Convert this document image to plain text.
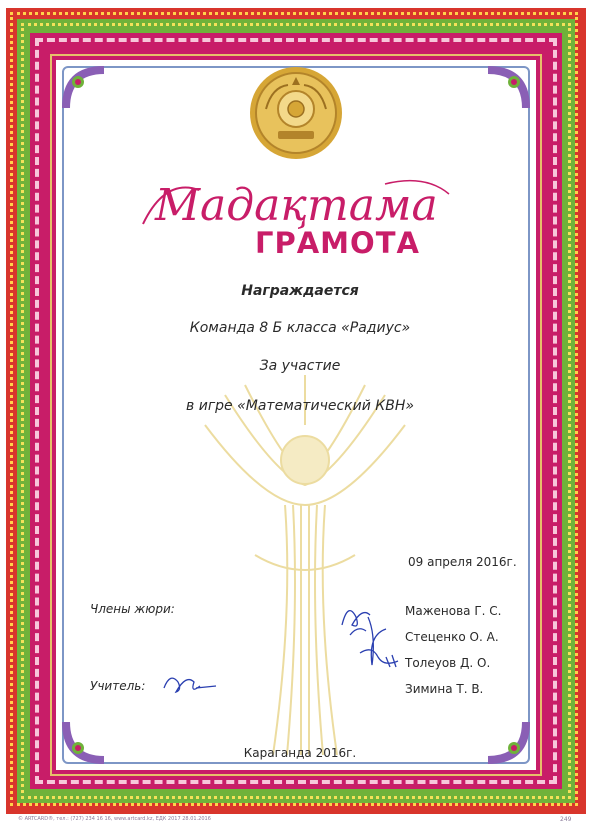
Мадақтама
ГРАМОТА
Награждается
Команда 8 Б класса «Радиус»
За участие
в игре «Математический КВН»
09 апреля 2016г.
Члены жюри:	Маженова Г. С.
Стеценко О. А.
Толеуов Д. О.
Зимина Т. В.
Учитель:
Караганда 2016г.
© ARTCARD®, тел.: (727) 234 16 16, www.artcard.kz, ЕДК 2017 28.01.2016	249
